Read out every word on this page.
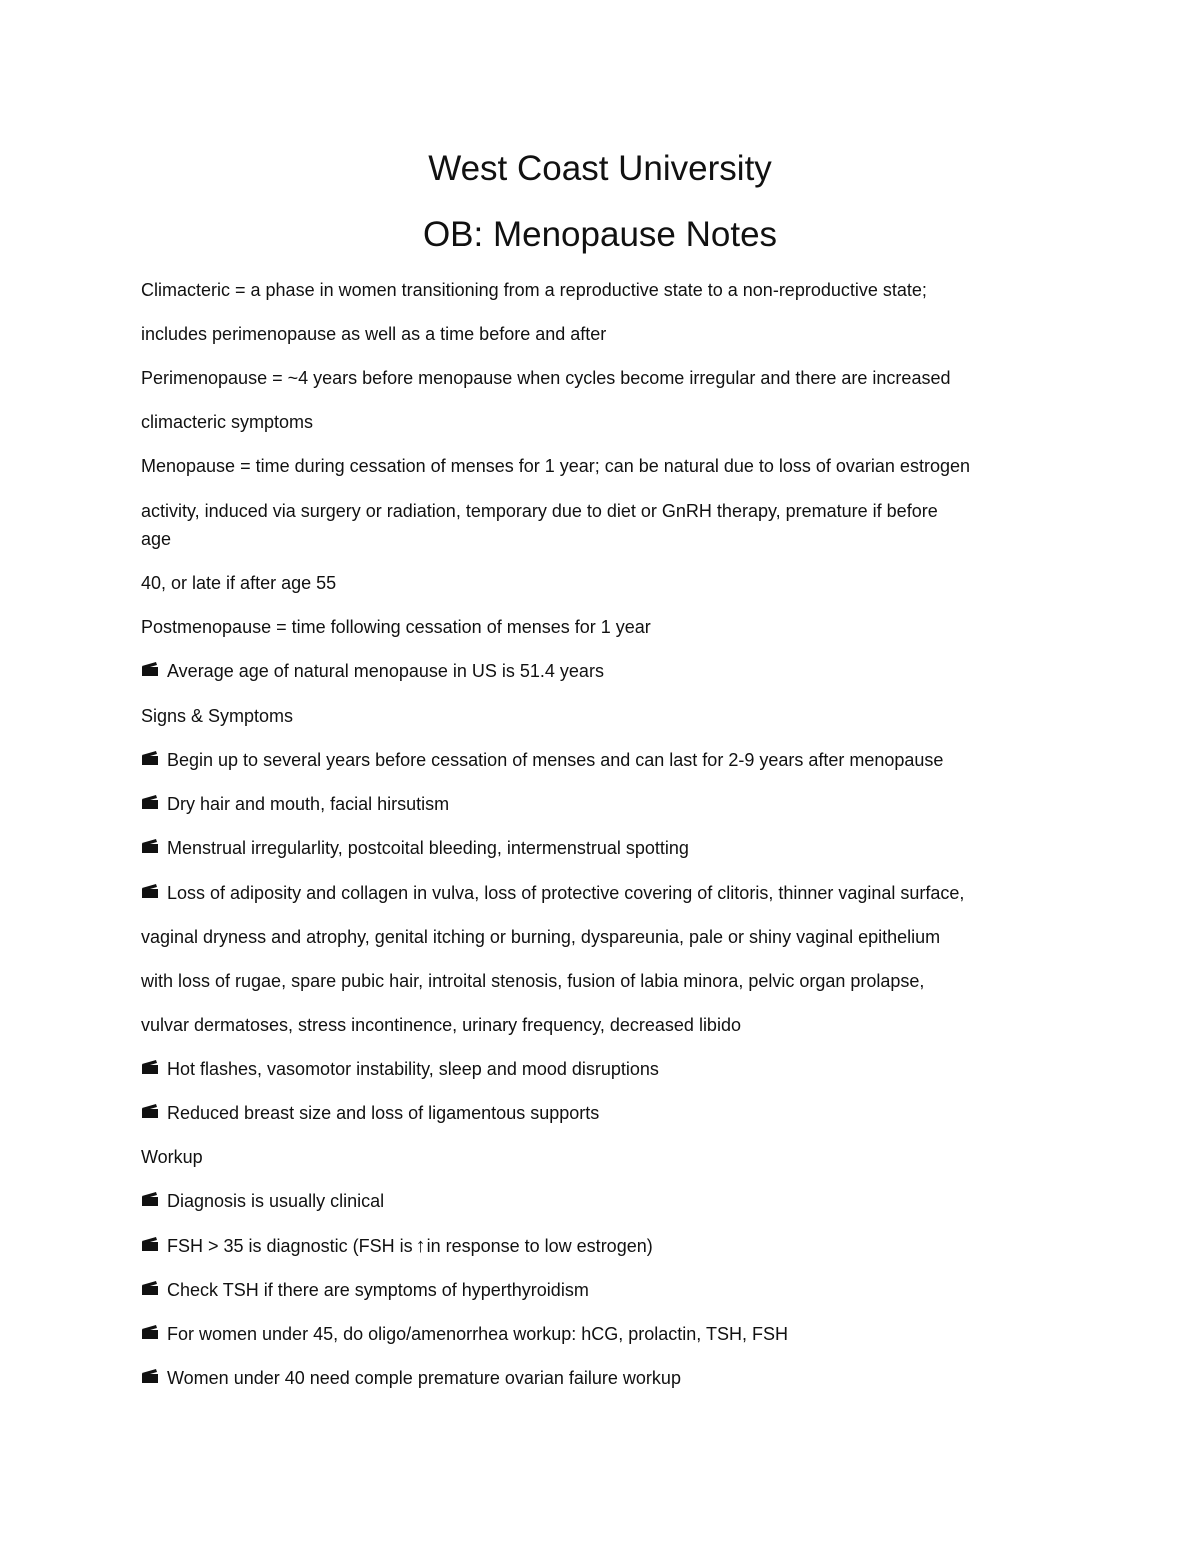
West Coast University
OB: Menopause Notes
Climacteric = a phase in women transitioning from a reproductive state to a non-reproductive state;
includes perimenopause as well as a time before and after
Perimenopause = ~4 years before menopause when cycles become irregular and there are increased
climacteric symptoms
Menopause = time during cessation of menses for 1 year; can be natural due to loss of ovarian estrogen
activity, induced via surgery or radiation, temporary due to diet or GnRH therapy, premature if before
age
40, or late if after age 55
Postmenopause = time following cessation of menses for 1 year
Average age of natural menopause in US is 51.4 years
Signs & Symptoms
Begin up to several years before cessation of menses and can last for 2-9 years after menopause
Dry hair and mouth, facial hirsutism
Menstrual irregularlity, postcoital bleeding, intermenstrual spotting
Loss of adiposity and collagen in vulva, loss of protective covering of clitoris, thinner vaginal surface,
vaginal dryness and atrophy, genital itching or burning, dyspareunia, pale or shiny vaginal epithelium
with loss of rugae, spare pubic hair, introital stenosis, fusion of labia minora, pelvic organ prolapse,
vulvar dermatoses, stress incontinence, urinary frequency, decreased libido
Hot flashes, vasomotor instability, sleep and mood disruptions
Reduced breast size and loss of ligamentous supports
Workup
Diagnosis is usually clinical
FSH > 35 is diagnostic (FSH is ↑in response to low estrogen)
Check TSH if there are symptoms of hyperthyroidism
For women under 45, do oligo/amenorrhea workup: hCG, prolactin, TSH, FSH
Women under 40 need comple premature ovarian failure workup
